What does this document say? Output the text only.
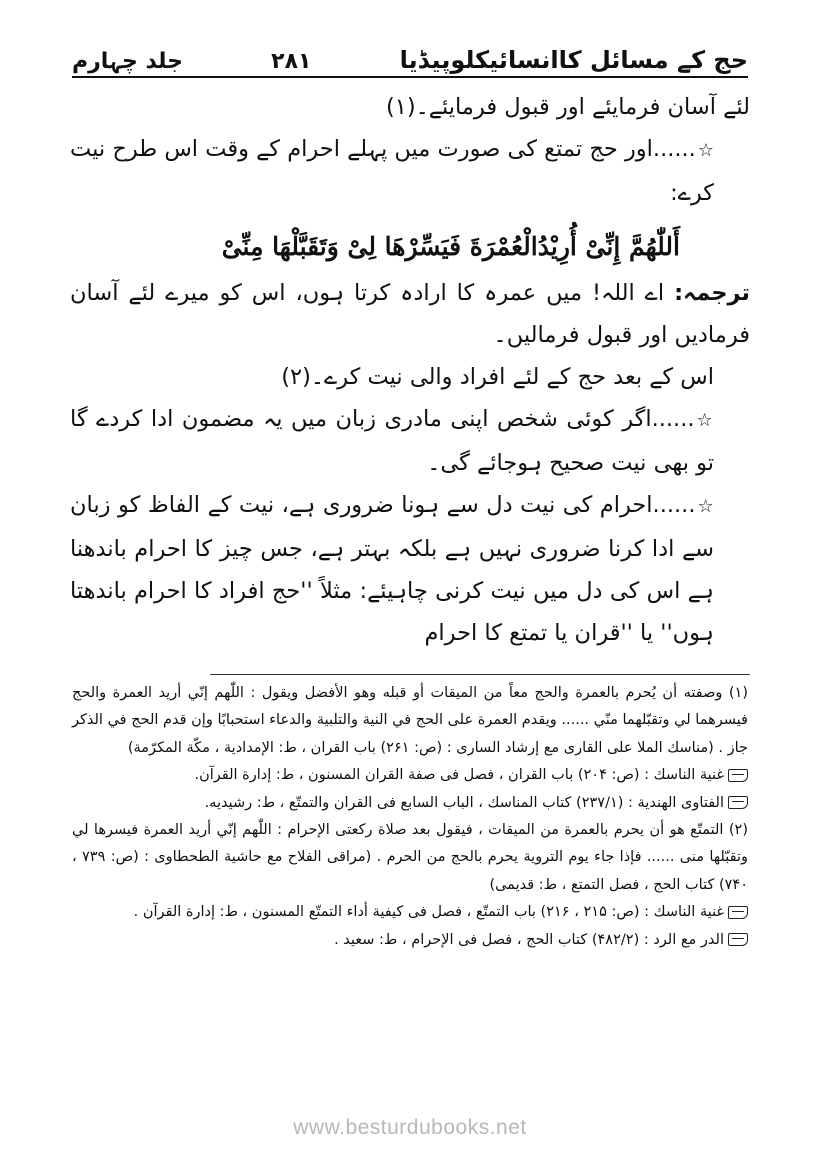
حج کے مسائل کاانسائیکلوپیڈیا
۲۸۱
جلد چہارم

لئے آسان فرمایئے اور قبول فرمایئے۔(۱)

☆......اور حج تمتع کی صورت میں پہلے احرام کے وقت اس طرح نیت کرے:

أَللّٰهُمَّ إِنِّیْ أُرِیْدُالْعُمْرَةَ فَیَسِّرْهَا لِیْ وَتَقَبَّلْهَا مِنِّیْ

ترجمہ: اے اللہ! میں عمرہ کا ارادہ کرتا ہوں، اس کو میرے لئے آسان فرمادیں اور قبول فرمالیں۔

اس کے بعد حج کے لئے افراد والی نیت کرے۔(۲)

☆......اگر کوئی شخص اپنی مادری زبان میں یہ مضمون ادا کردے گا تو بھی نیت صحیح ہوجائے گی۔

☆......احرام کی نیت دل سے ہونا ضروری ہے، نیت کے الفاظ کو زبان سے ادا کرنا ضروری نہیں ہے بلکہ بہتر ہے، جس چیز کا احرام باندھنا ہے اس کی دل میں نیت کرنی چاہیئے: مثلاً ''حج افراد کا احرام باندھتا ہوں'' یا ''قران یا تمتع کا احرام

(۱) وصفته أن يُحرم بالعمرة والحج معاً من الميقات أو قبله وهو الأفضل ويقول : اللّٰهم إنّي أريد العمرة والحج فيسرهما لي وتقبّلهما منّي ...... ويقدم العمرة على الحج في النية والتلبية والدعاء استحبابًا وإن قدم الحج في الذكر جاز . (مناسك الملا على القارى مع إرشاد السارى : (ص: ۲۶۱) باب القران ، ط: الإمدادية ، مكّة المكرّمة)

غنية الناسك : (ص: ۲۰۴) باب القران ، فصل فى صفة القران المسنون ، ط: إدارة القرآن.

الفتاوى الهندية : (۲۳۷/۱) كتاب المناسك ، الباب السابع فى القران والتمتّع ، ط: رشيديه.

(۲) التمتّع هو أن يحرم بالعمرة من الميقات ، فيقول بعد صلاة ركعتى الإحرام : اللّٰهم إنّي أريد العمرة فيسرها لي وتقبّلها منى ...... فإذا جاء يوم التروية يحرم بالحج من الحرم . (مراقى الفلاح مع حاشية الطحطاوى : (ص: ۷۳۹ ، ۷۴۰) كتاب الحج ، فصل التمتع ، ط: قديمى)

غنية الناسك : (ص: ۲۱۵ ، ۲۱۶) باب التمتّع ، فصل فى كيفية أداء التمتّع المسنون ، ط: إدارة القرآن .

الدر مع الرد : (۴۸۲/۲) كتاب الحج ، فصل فى الإحرام ، ط: سعيد .

www.besturdubooks.net
